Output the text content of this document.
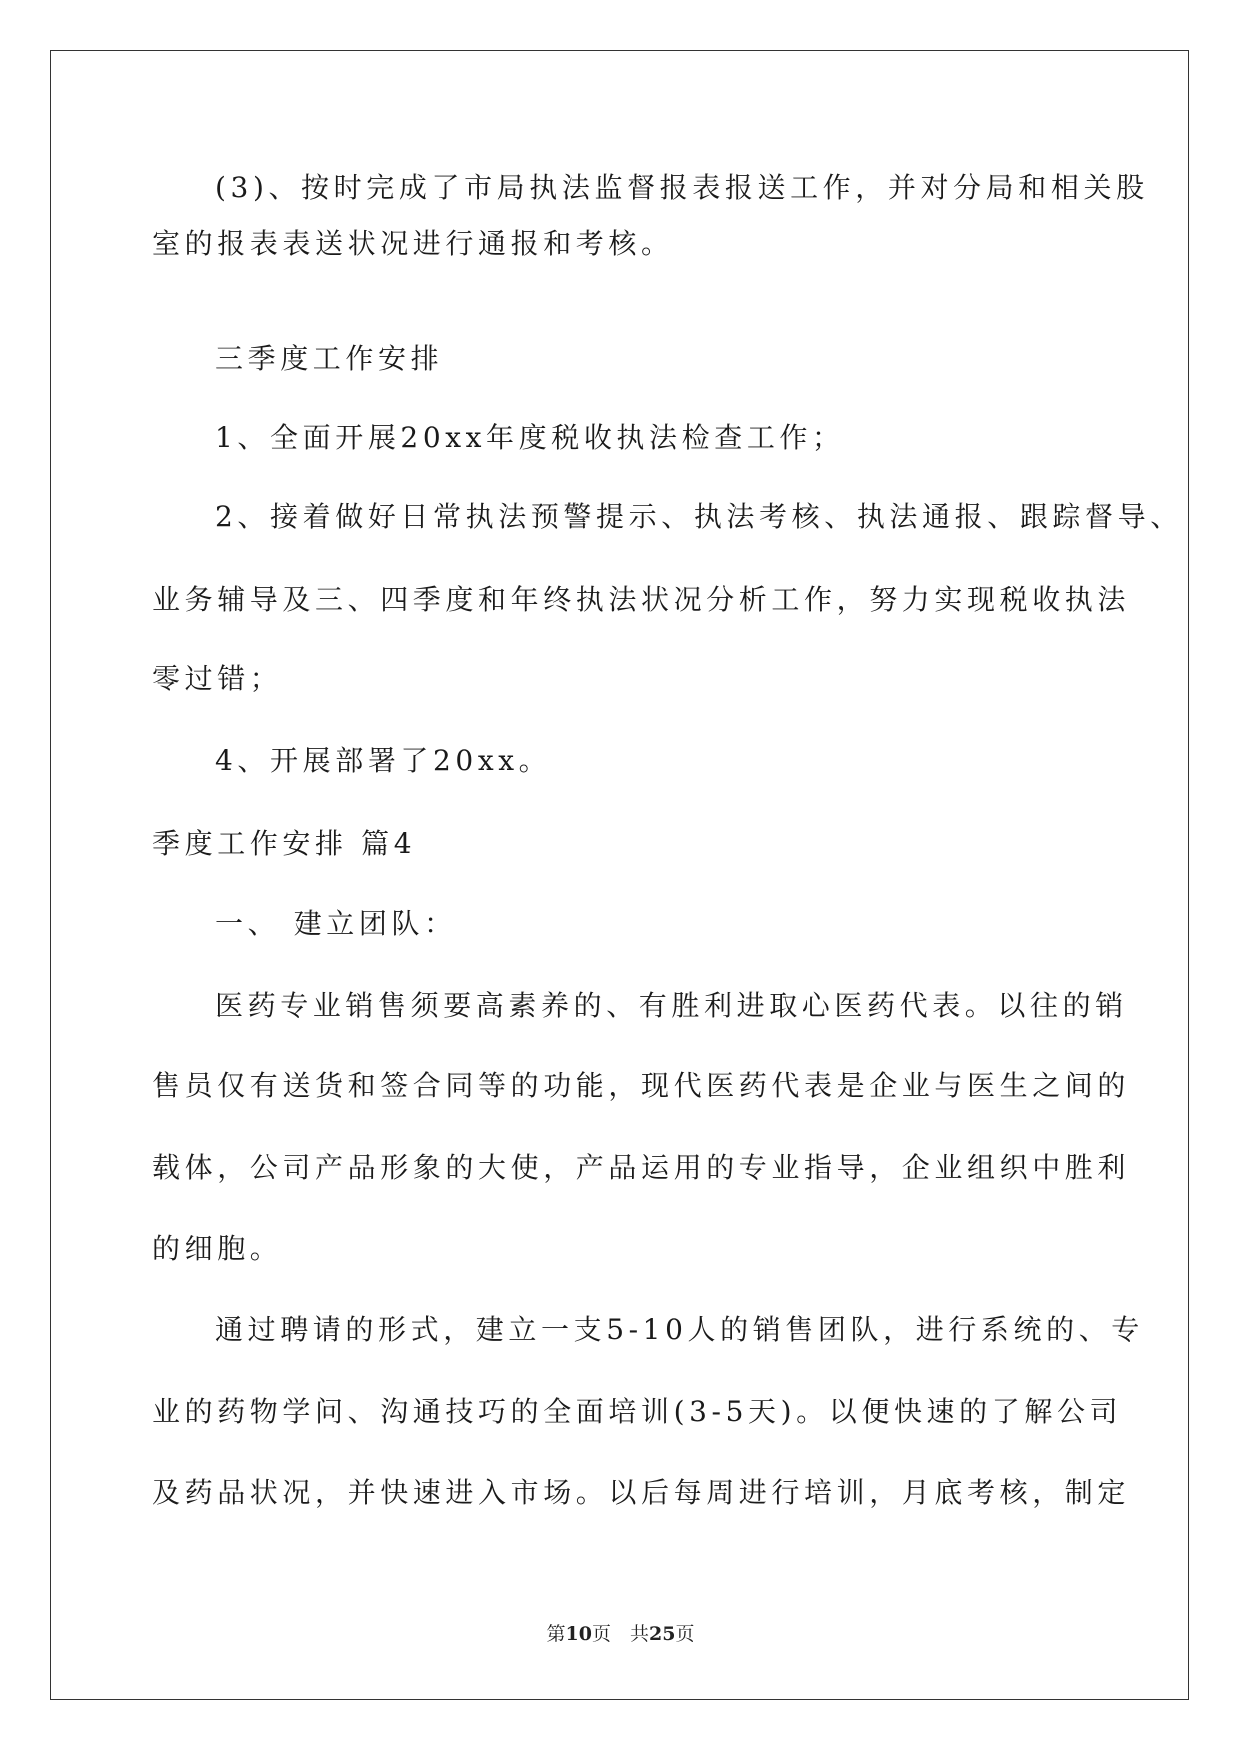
(3)、按时完成了市局执法监督报表报送工作，并对分局和相关股
室的报表表送状况进行通报和考核。
三季度工作安排
1、全面开展20xx年度税收执法检查工作；
2、接着做好日常执法预警提示、执法考核、执法通报、跟踪督导、
业务辅导及三、四季度和年终执法状况分析工作，努力实现税收执法
零过错；
4、开展部署了20xx。
季度工作安排 篇4
一、 建立团队：
医药专业销售须要高素养的、有胜利进取心医药代表。以往的销
售员仅有送货和签合同等的功能，现代医药代表是企业与医生之间的
载体，公司产品形象的大使，产品运用的专业指导，企业组织中胜利
的细胞。
通过聘请的形式，建立一支5-10人的销售团队，进行系统的、专
业的药物学问、沟通技巧的全面培训(3-5天)。以便快速的了解公司
及药品状况，并快速进入市场。以后每周进行培训，月底考核，制定
第10页　共25页
